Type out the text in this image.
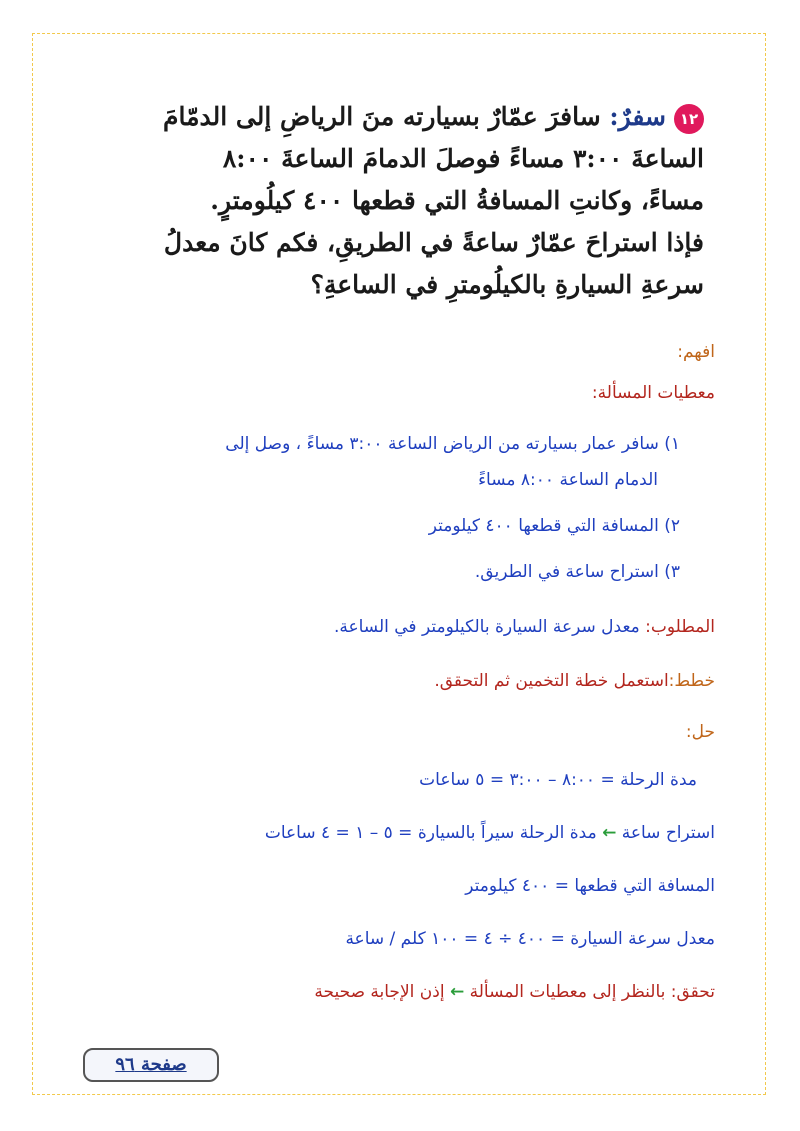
١٢سفرٌ: سافرَ عمّارٌ بسيارته منَ الرياضِ إلى الدمّامَ
الساعةَ ٣:٠٠ مساءً فوصلَ الدمامَ الساعةَ ٨:٠٠
مساءً، وكانتِ المسافةُ التي قطعها ٤٠٠ كيلُومترٍ.
فإذا استراحَ عمّارٌ ساعةً في الطريقِ، فكم كانَ معدلُ
سرعةِ السيارةِ بالكيلُومترِ في الساعةِ؟
افهم:
معطيات المسألة:
١) سافر عمار بسيارته من الرياض الساعة ٣:٠٠ مساءً ، وصل إلى
الدمام الساعة ٨:٠٠ مساءً
٢) المسافة التي قطعها ٤٠٠ كيلومتر
٣) استراح ساعة في الطريق.
المطلوب: معدل سرعة السيارة بالكيلومتر في الساعة.
خطط:استعمل خطة التخمين ثم التحقق.
حل:
مدة الرحلة = ٨:٠٠ – ٣:٠٠ = ٥ ساعات
استراح ساعة ← مدة الرحلة سيراً بالسيارة = ٥ – ١ = ٤ ساعات
المسافة التي قطعها = ٤٠٠ كيلومتر
معدل سرعة السيارة = ٤٠٠ ÷ ٤ = ١٠٠ كلم / ساعة
تحقق: بالنظر إلى معطيات المسألة ← إذن الإجابة صحيحة
صفحة ٩٦
